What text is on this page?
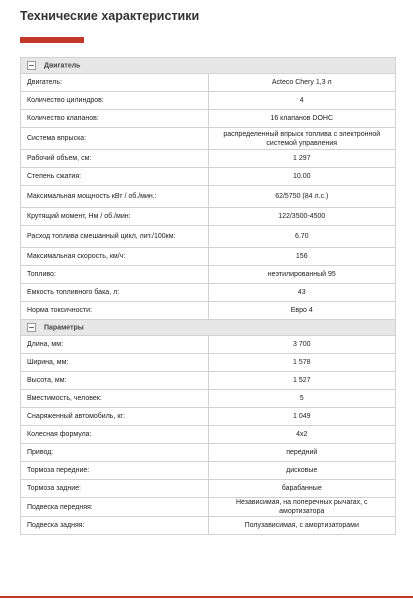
Технические характеристики
Двигатель	
Двигатель:	Acteco Chery 1,3 л
Количество цилиндров:	4
Количество клапанов:	16 клапанов DOHC
Система впрыска:	распределенный впрыск топлива с электронной системой управления
Рабочий объем, см:	1 297
Степень сжатия:	10.00
Максимальная мощность кВт / об./мин.:	62/5750 (84 л.с.)
Крутящий момент, Нм / об./мин:	122/3500-4500
Расход топлива смешанный цикл, лит./100км:	6.70
Максимальная скорость, км/ч:	156
Топливо:	неэтилированный 95
Емкость топливного бака, л:	43
Норма токсичности:	Евро 4
Параметры	
Длина, мм:	3 700
Ширина, мм:	1 578
Высота, мм:	1 527
Вместимость, человек:	5
Снаряженный автомобиль, кг:	1 049
Колесная формула:	4x2
Привод:	передний
Тормоза передние:	дисковые
Тормоза задние:	барабанные
Подвеска передняя:	Независимая, на поперечных рычагах, с амортизатора
Подвеска задняя:	Полузависимая, с амортизаторами
